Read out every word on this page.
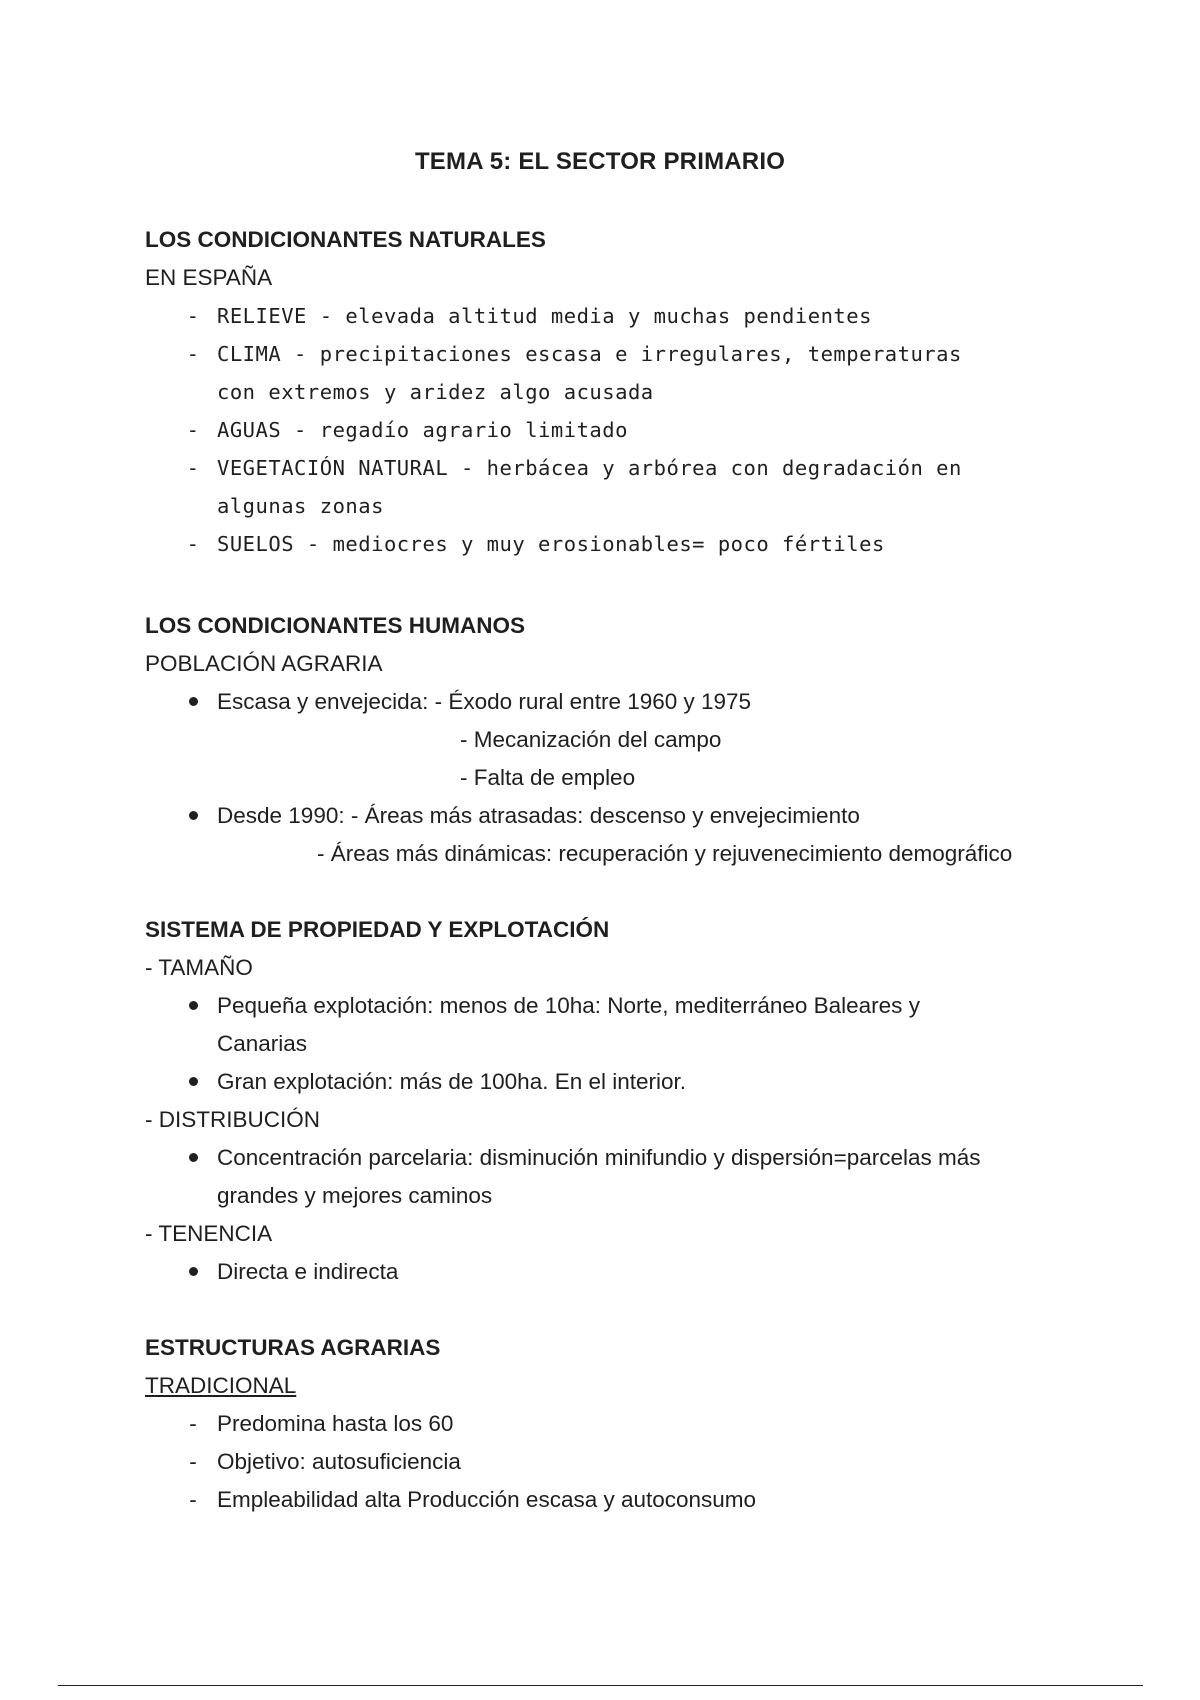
TEMA 5: EL SECTOR PRIMARIO
LOS CONDICIONANTES NATURALES
EN ESPAÑA
- RELIEVE - elevada altitud media y muchas pendientes
- CLIMA - precipitaciones escasa e irregulares, temperaturas
con extremos y aridez algo acusada
- AGUAS - regadío agrario limitado
- VEGETACIÓN NATURAL - herbácea y arbórea con degradación en
algunas zonas
- SUELOS - mediocres y muy erosionables= poco fértiles
LOS CONDICIONANTES HUMANOS
POBLACIÓN AGRARIA
Escasa y envejecida: - Éxodo rural entre 1960 y 1975
- Mecanización del campo
- Falta de empleo
Desde 1990: - Áreas más atrasadas: descenso y envejecimiento
- Áreas más dinámicas: recuperación y rejuvenecimiento demográfico
SISTEMA DE PROPIEDAD Y EXPLOTACIÓN
- TAMAÑO
Pequeña explotación: menos de 10ha: Norte, mediterráneo Baleares y
Canarias
Gran explotación: más de 100ha. En el interior.
- DISTRIBUCIÓN
Concentración parcelaria: disminución minifundio y dispersión=parcelas más
grandes y mejores caminos
- TENENCIA
Directa e indirecta
ESTRUCTURAS AGRARIAS
TRADICIONAL
- Predomina hasta los 60
- Objetivo: autosuficiencia
- Empleabilidad alta Producción escasa y autoconsumo
